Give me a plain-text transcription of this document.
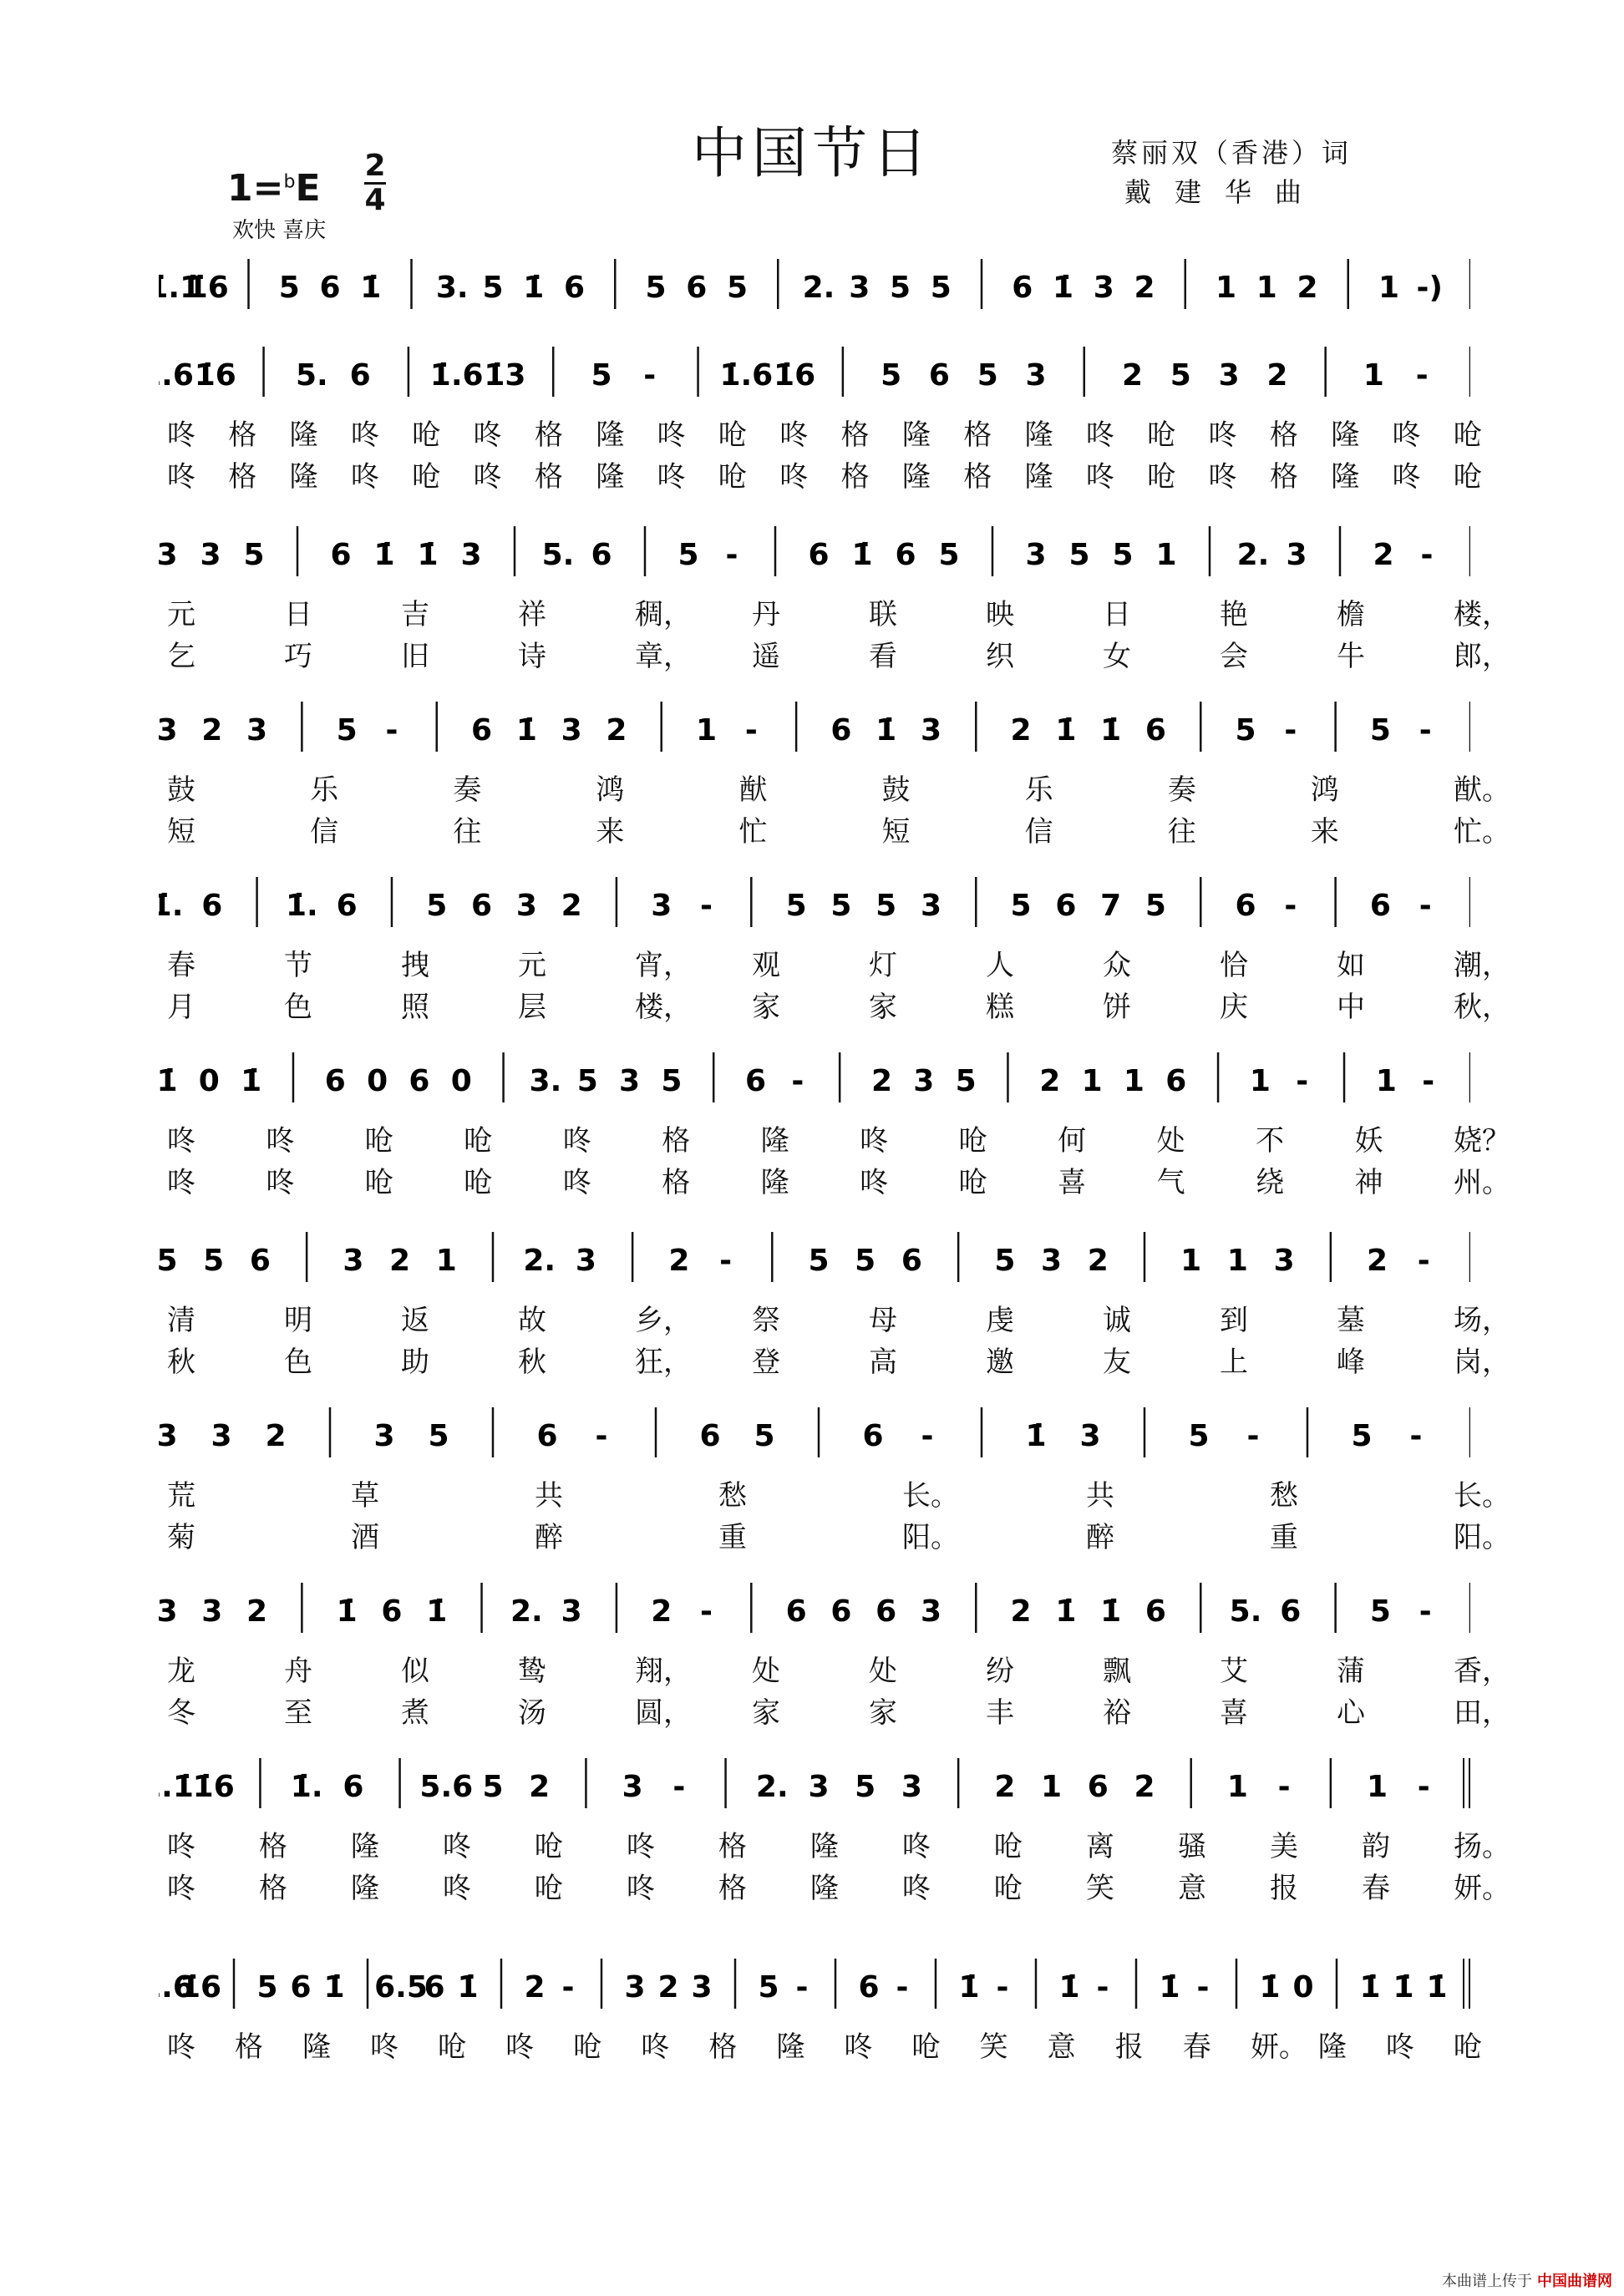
中国节日
1=$^b$E
2
4
欢快 喜庆
蔡丽双（香港）词
戴建华曲
.1̇
1̇6 5 6 1̇ 3. 5 1̇ 6 5 6 5 2. 3 5 5 6 1̇ 3 2 1 1 2 1 -)
.6 1̇6 5. 6 1̇.6 1̇3 5 - 1̇.6 1̇6 5 6 5 3	2 5 3 2	1 -
咚 格 隆 咚 呛 咚 格 隆 咚 呛 咚 格 隆 格 隆 咚 呛 咚 格 隆 咚 呛
咚 格 隆 咚 呛 咚 格 隆 咚 呛 咚 格 隆 格 隆 咚 呛 咚 格 隆 咚 呛
3 3 5 6 1̇ 1̇ 3 5. 6 5 - 6 1̇ 6 5 3 5 5 1 2. 3 2 -
元	日	吉	祥	稠， 丹	联	映	日	艳	檐	楼，
乞	巧	旧	诗	章， 遥	看	织	女	会	牛	郎，
3 2 3 5 - 6 1̇ 3 2 1 - 6 1̇ 3 2 1̇ 1̇ 6 5 - 5 -
鼓	乐	奏	鸿	猷	鼓	乐	奏	鸿	猷。
短	信	往	来	忙	短	信	往	来	忙。
1̇. 6 1̇. 6 5 6 3 2 3 - 5 5 5 3 5 6 7 5 6 - 6 -
春	节	拽	元	宵， 观	灯	人	众	恰	如	潮，
月	色	照	层	楼， 家	家	糕	饼	庆	中	秋，
1̇ 0 1̇ 6 0 6 0 3. 5 3 5 6 - 2 3 5 2 1 1 6 1 - 1 -
咚 咚 呛 呛 咚 格 隆 咚 呛 何 处 不 妖 娆？
咚 咚 呛 呛 咚 格 隆 咚 呛 喜 气 绕 神 州。
5 5 6 3 2 1 2. 3 2 -	5 5 6 5 3 2 1 1 3 2 -
清	明	返	故	乡， 祭	母	虔	诚	到	墓	场，
秋	色	助	秋	狂， 登	高	邀	友	上	峰	岗，
3 3 2	3 5	6 -	6 5	6 -	1̇ 3	5 -	5 -
荒	草	共	愁	长。	共	愁	长。
菊	酒	醉	重	阳。	醉	重	阳。
3 3 2 1̇ 6 1̇ 2. 3 2 - 6 6 6 3 2 1̇ 1̇ 6 5. 6 5 -
龙	舟	似	鸷	翔， 处	处	纷	飘	艾	蒲	香，
冬	至	煮	汤	圆， 家	家	丰	裕	喜	心	田，
.1̇
1̇6 1̇. 6 5.6 5 2 3 - 2. 3 5 3 2 1 6 2 1 -	1 -
咚 格 隆 咚 呛 咚 格 隆 咚 呛 离 骚 美 韵 扬。
咚 格 隆 咚 呛 咚 格 隆 咚 呛 笑 意 报 春 妍。
.6
1̇6 5 6 1̇ 6.5
6 1̇ 2 - 3 2 3 5 - 6 - 1̇ - 1̇ - 1̇ - 1̇ 0 1̇ 1̇ 1̇
咚 格 隆 咚 呛 咚 呛 咚 格 隆 咚 呛 笑 意 报 春 妍。 隆 咚 呛
本曲谱上传于 中国曲谱网
